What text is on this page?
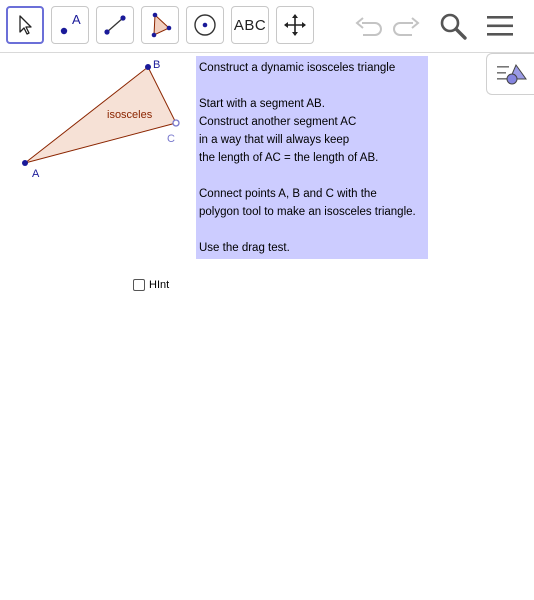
A	ABC
isosceles
A
B
C
Construct a dynamic isosceles triangle
Start with a segment AB.
Construct another segment AC
in a way that will always keep
the length of AC = the length of AB.
Connect points A, B and C with the
polygon tool to make an isosceles triangle.
Use the drag test.
HInt
